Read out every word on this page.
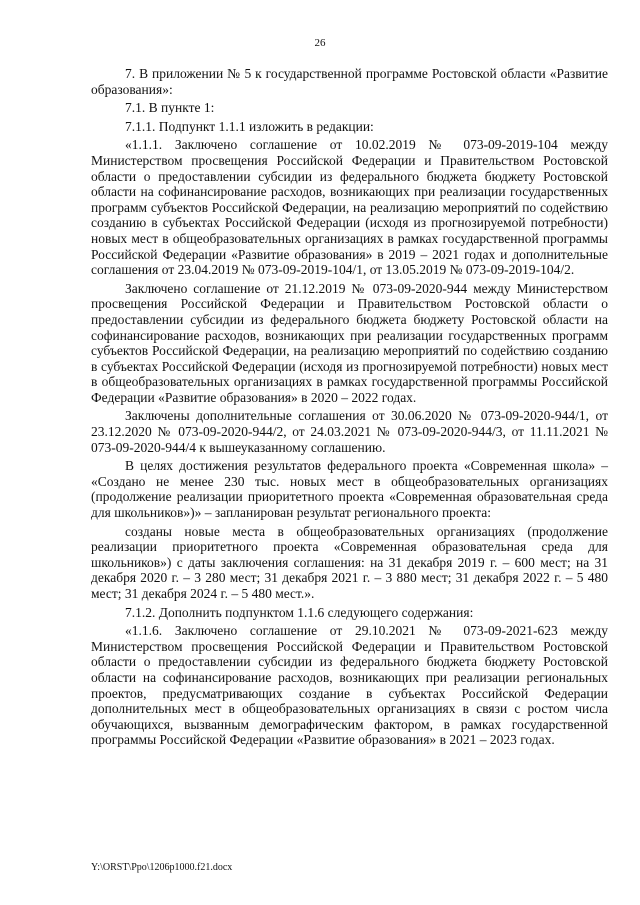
26

7. В приложении № 5 к государственной программе Ростовской области «Развитие образования»:

7.1. В пункте 1:

7.1.1. Подпункт 1.1.1 изложить в редакции:

«1.1.1. Заключено соглашение от 10.02.2019 № 073-09-2019-104 между Министерством просвещения Российской Федерации и Правительством Ростовской области о предоставлении субсидии из федерального бюджета бюджету Ростовской области на софинансирование расходов, возникающих при реализации государственных программ субъектов Российской Федерации, на реализацию мероприятий по содействию созданию в субъектах Российской Федерации (исходя из прогнозируемой потребности) новых мест в общеобразовательных организациях в рамках государственной программы Российской Федерации «Развитие образования» в 2019 – 2021 годах и дополнительные соглашения от 23.04.2019 № 073-09-2019-104/1, от 13.05.2019 № 073-09-2019-104/2.

Заключено соглашение от 21.12.2019 № 073-09-2020-944 между Министерством просвещения Российской Федерации и Правительством Ростовской области о предоставлении субсидии из федерального бюджета бюджету Ростовской области на софинансирование расходов, возникающих при реализации государственных программ субъектов Российской Федерации, на реализацию мероприятий по содействию созданию в субъектах Российской Федерации (исходя из прогнозируемой потребности) новых мест в общеобразовательных организациях в рамках государственной программы Российской Федерации «Развитие образования» в 2020 – 2022 годах.

Заключены дополнительные соглашения от 30.06.2020 № 073-09-2020-944/1, от 23.12.2020 № 073-09-2020-944/2, от 24.03.2021 № 073-09-2020-944/3, от 11.11.2021 № 073-09-2020-944/4 к вышеуказанному соглашению.

В целях достижения результатов федерального проекта «Современная школа» – «Создано не менее 230 тыс. новых мест в общеобразовательных организациях (продолжение реализации приоритетного проекта «Современная образовательная среда для школьников»)» – запланирован результат регионального проекта:

созданы новые места в общеобразовательных организациях (продолжение реализации приоритетного проекта «Современная образовательная среда для школьников») с даты заключения соглашения: на 31 декабря 2019 г. – 600 мест; на 31 декабря 2020 г. – 3 280 мест; 31 декабря 2021 г. – 3 880 мест; 31 декабря 2022 г. – 5 480 мест; 31 декабря 2024 г. – 5 480 мест.».

7.1.2. Дополнить подпунктом 1.1.6 следующего содержания:

«1.1.6. Заключено соглашение от 29.10.2021 № 073-09-2021-623 между Министерством просвещения Российской Федерации и Правительством Ростовской области о предоставлении субсидии из федерального бюджета бюджету Ростовской области на софинансирование расходов, возникающих при реализации региональных проектов, предусматривающих создание в субъектах Российской Федерации дополнительных мест в общеобразовательных организациях в связи с ростом числа обучающихся, вызванным демографическим фактором, в рамках государственной программы Российской Федерации «Развитие образования» в 2021 – 2023 годах.

Y:\ORST\Ppo\1206p1000.f21.docx
